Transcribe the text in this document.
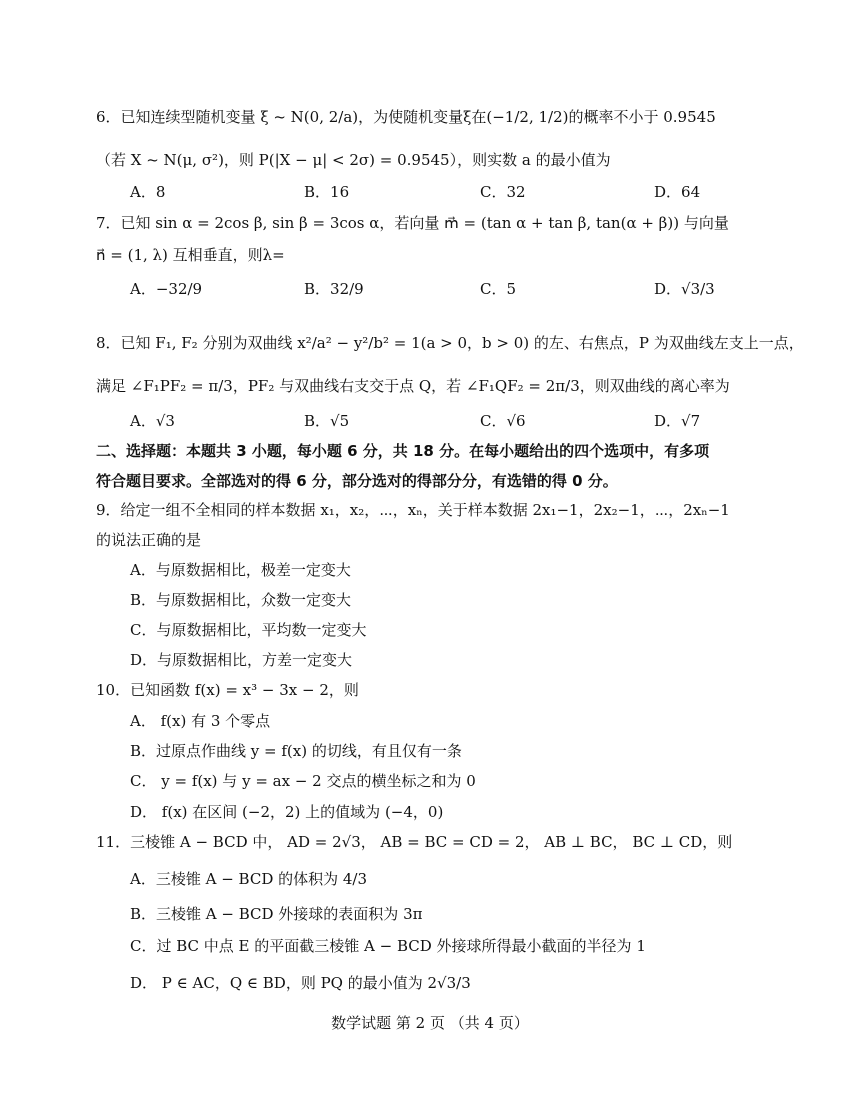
6．已知连续型随机变量 ξ ~ N(0, 2/a)，为使随机变量ξ在(−1/2, 1/2)的概率不小于 0.9545
（若 X ~ N(μ, σ²)，则 P(|X − μ| < 2σ) = 0.9545），则实数 a 的最小值为
A．8	B．16	C．32	D．64
7．已知 sin α = 2cos β, sin β = 3cos α，若向量 m⃗ = (tan α + tan β, tan(α + β)) 与向量
n⃗ = (1, λ) 互相垂直，则λ=
A．−32/9	B．32/9	C．5	D．√3/3
8．已知 F₁, F₂ 分别为双曲线 x²/a² − y²/b² = 1(a > 0，b > 0) 的左、右焦点，P 为双曲线左支上一点，
满足 ∠F₁PF₂ = π/3，PF₂ 与双曲线右支交于点 Q，若 ∠F₁QF₂ = 2π/3，则双曲线的离心率为
A．√3	B．√5	C．√6	D．√7
二、选择题：本题共 3 小题，每小题 6 分，共 18 分。在每小题给出的四个选项中，有多项
符合题目要求。全部选对的得 6 分，部分选对的得部分分，有选错的得 0 分。
9．给定一组不全相同的样本数据 x₁，x₂，⋯，xₙ，关于样本数据 2x₁−1，2x₂−1，⋯，2xₙ−1
的说法正确的是
A．与原数据相比，极差一定变大
B．与原数据相比，众数一定变大
C．与原数据相比，平均数一定变大
D．与原数据相比，方差一定变大
10．已知函数 f(x) = x³ − 3x − 2，则
A． f(x) 有 3 个零点
B．过原点作曲线 y = f(x) 的切线，有且仅有一条
C． y = f(x) 与 y = ax − 2 交点的横坐标之和为 0
D． f(x) 在区间 (−2，2) 上的值域为 (−4，0)
11．三棱锥 A − BCD 中， AD = 2√3， AB = BC = CD = 2， AB ⊥ BC， BC ⊥ CD，则
A．三棱锥 A − BCD 的体积为 4/3
B．三棱锥 A − BCD 外接球的表面积为 3π
C．过 BC 中点 E 的平面截三棱锥 A − BCD 外接球所得最小截面的半径为 1
D． P ∈ AC，Q ∈ BD，则 PQ 的最小值为 2√3/3
数学试题 第 2 页 （共 4 页）
